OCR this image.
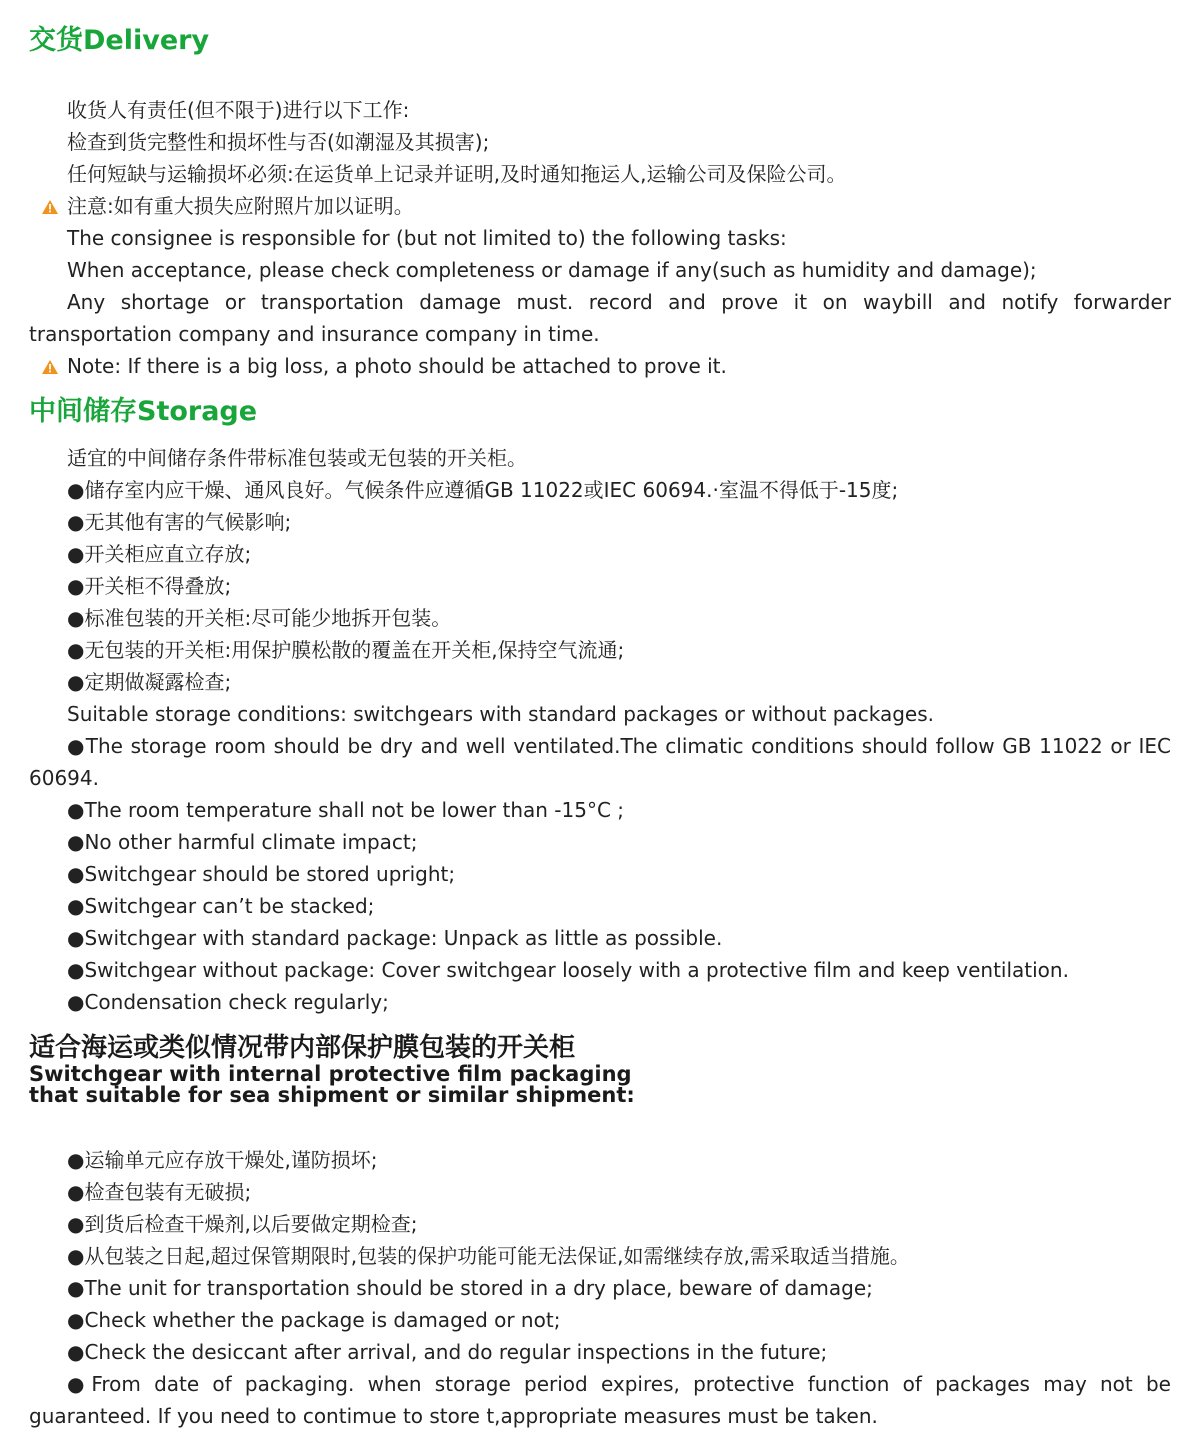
交货Delivery
收货人有责任(但不限于)进行以下工作:
检查到货完整性和损坏性与否(如潮湿及其损害);
任何短缺与运输损坏必须:在运货单上记录并证明,及时通知拖运人,运输公司及保险公司。
注意:如有重大损失应附照片加以证明。
The consignee is responsible for (but not limited to) the following tasks:
When acceptance, please check completeness or damage if any(such as humidity and damage);
Any shortage or transportation damage must. record and prove it on waybill and notify forwarder
transportation company and insurance company in time.
Note: If there is a big loss, a photo should be attached to prove it.
中间储存Storage
适宜的中间储存条件带标准包装或无包装的开关柜。
●储存室内应干燥、通风良好。气候条件应遵循GB 11022或IEC 60694.·室温不得低于-15度;
●无其他有害的气候影响;
●开关柜应直立存放;
●开关柜不得叠放;
●标准包装的开关柜:尽可能少地拆开包装。
●无包装的开关柜:用保护膜松散的覆盖在开关柜,保持空气流通;
●定期做凝露检查;
Suitable storage conditions: switchgears with standard packages or without packages.
●The storage room should be dry and well ventilated.The climatic conditions should follow GB 11022 or IEC
60694.
●The room temperature shall not be lower than -15°C ;
●No other harmful climate impact;
●Switchgear should be stored upright;
●Switchgear can’t be stacked;
●Switchgear with standard package: Unpack as little as possible.
●Switchgear without package: Cover switchgear loosely with a protective film and keep ventilation.
●Condensation check regularly;
适合海运或类似情况带内部保护膜包装的开关柜
Switchgear with internal protective film packaging
that suitable for sea shipment or similar shipment:
●运输单元应存放干燥处,谨防损坏;
●检查包装有无破损;
●到货后检查干燥剂,以后要做定期检查;
●从包装之日起,超过保管期限时,包装的保护功能可能无法保证,如需继续存放,需采取适当措施。
●The unit for transportation should be stored in a dry place, beware of damage;
●Check whether the package is damaged or not;
●Check the desiccant after arrival, and do regular inspections in the future;
●From date of packaging. when storage period expires, protective function of packages may not be
guaranteed. If you need to contimue to store t,appropriate measures must be taken.
